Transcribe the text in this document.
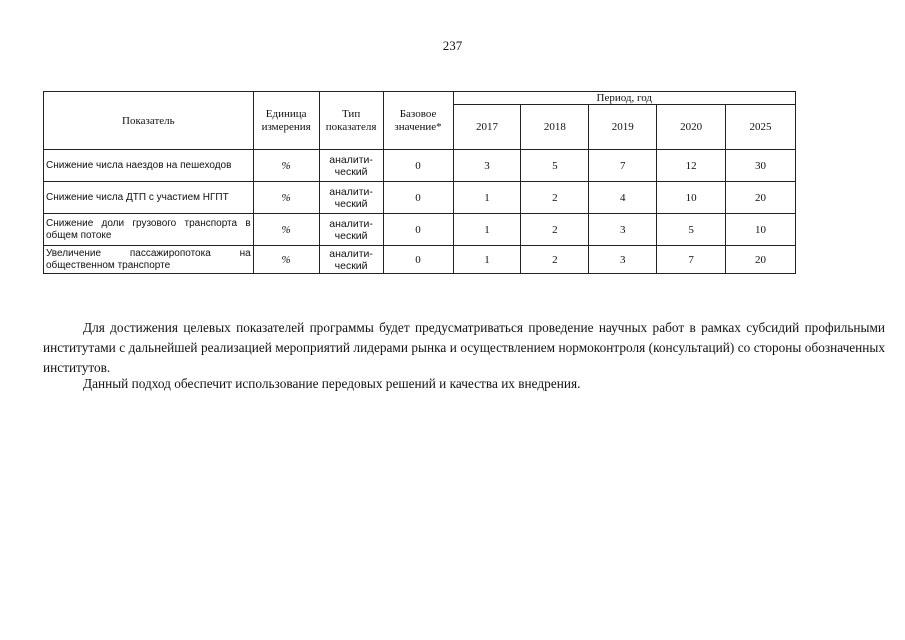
237
Показатель	Единица измерения	Тип показателя	Базовое значение*	Период, год				
				2017	2018	2019	2020	2025
Снижение числа наездов на пешеходов	%	аналити-ческий	0	3	5	7	12	30
Снижение числа ДТП с участием НГПТ	%	аналити-ческий	0	1	2	4	10	20
Снижение доли грузового транспорта в общем потоке	%	аналити-ческий	0	1	2	3	5	10
Увеличение пассажиропотока на общественном транспорте	%	аналити-ческий	0	1	2	3	7	20

Для достижения целевых показателей программы будет предусматриваться проведение научных работ в рамках субсидий профильными институтами с дальнейшей реализацией мероприятий лидерами рынка и осуществлением нормоконтроля (консультаций) со стороны обозначенных институтов.

Данный подход обеспечит использование передовых решений и качества их внедрения.
